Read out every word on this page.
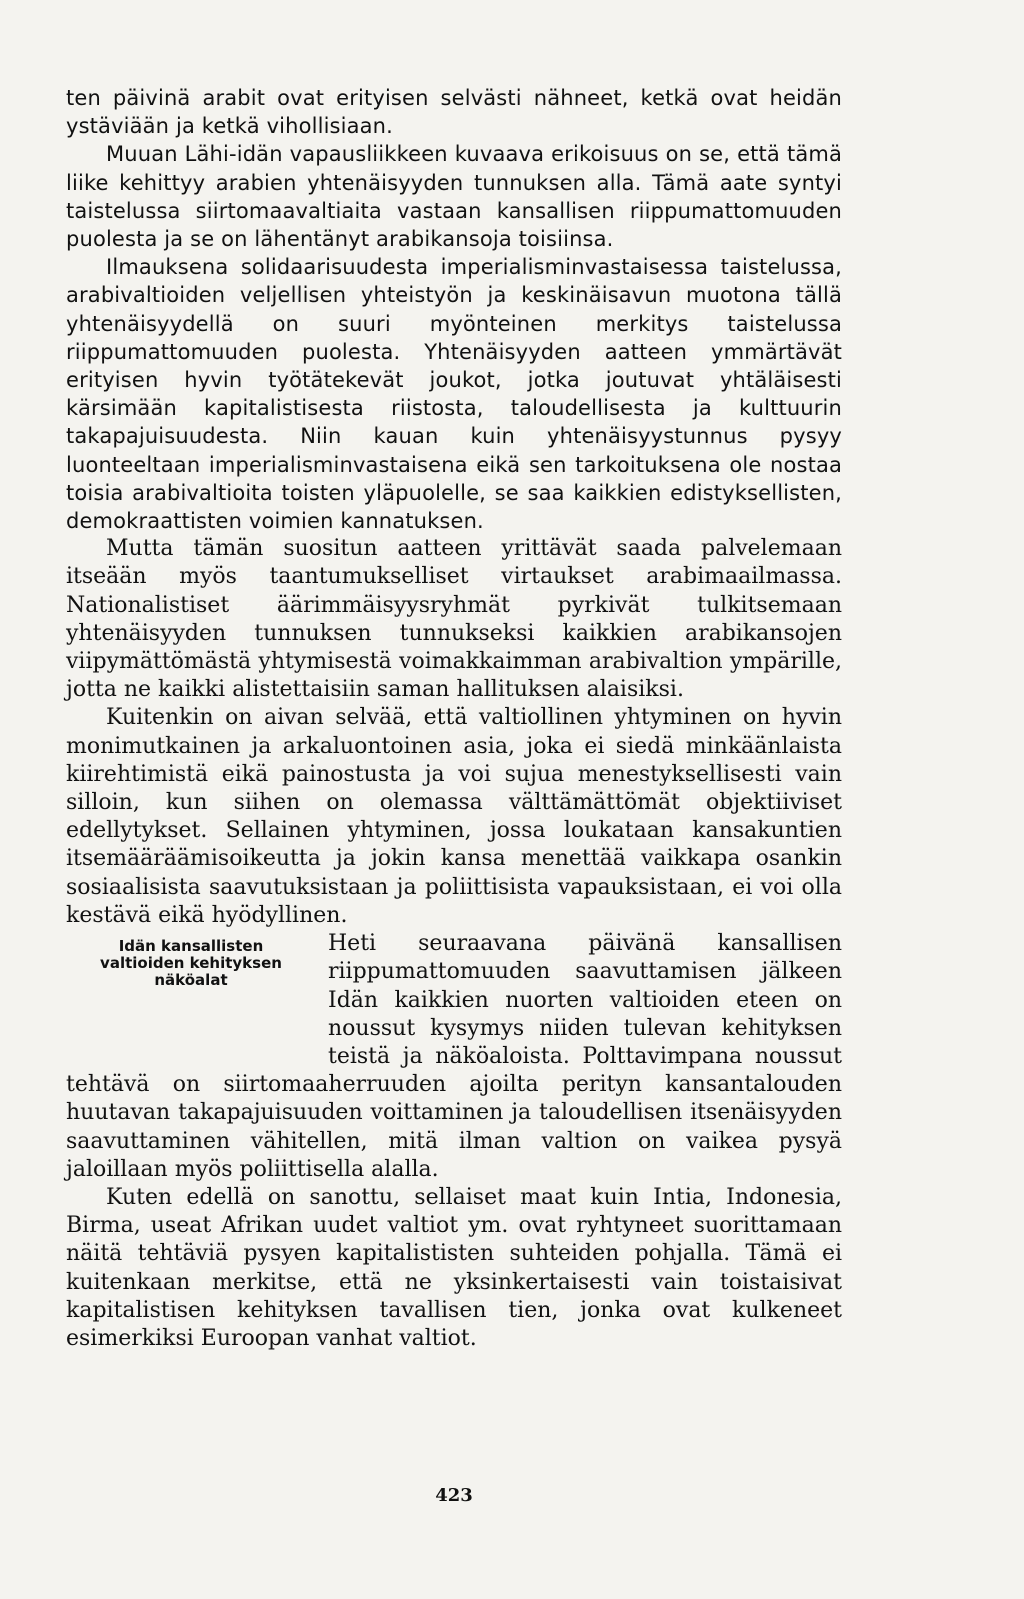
ten päivinä arabit ovat erityisen selvästi nähneet, ketkä ovat heidän ystäviään ja ketkä vihollisiaan.

Muuan Lähi-idän vapausliikkeen kuvaava erikoisuus on se, että tämä liike kehittyy arabien yhtenäisyyden tunnuksen alla. Tämä aate syntyi taistelussa siirtomaavaltiaita vastaan kansallisen riippumattomuuden puolesta ja se on lähentänyt arabikansoja toisiinsa.

Ilmauksena solidaarisuudesta imperialisminvastaisessa taistelussa, arabivaltioiden veljellisen yhteistyön ja keskinäisavun muotona tällä yhtenäisyydellä on suuri myönteinen merkitys taistelussa riippumattomuuden puolesta. Yhtenäisyyden aatteen ymmärtävät erityisen hyvin työtätekevät joukot, jotka joutuvat yhtäläisesti kärsimään kapitalistisesta riistosta, taloudellisesta ja kulttuurin takapajuisuudesta. Niin kauan kuin yhtenäisyystunnus pysyy luonteeltaan imperialisminvastaisena eikä sen tarkoituksena ole nostaa toisia arabivaltioita toisten yläpuolelle, se saa kaikkien edistyksellisten, demokraattisten voimien kannatuksen.

Mutta tämän suositun aatteen yrittävät saada palvelemaan itseään myös taantumukselliset virtaukset arabimaailmassa. Nationalistiset äärimmäisyysryhmät pyrkivät tulkitsemaan yhtenäisyyden tunnuksen tunnukseksi kaikkien arabikansojen viipymättömästä yhtymisestä voimakkaimman arabivaltion ympärille, jotta ne kaikki alistettaisiin saman hallituksen alaisiksi.

Kuitenkin on aivan selvää, että valtiollinen yhtyminen on hyvin monimutkainen ja arkaluontoinen asia, joka ei siedä minkäänlaista kiirehtimistä eikä painostusta ja voi sujua menestyksellisesti vain silloin, kun siihen on olemassa välttämättömät objektiiviset edellytykset. Sellainen yhtyminen, jossa loukataan kansakuntien itsemääräämisoikeutta ja jokin kansa menettää vaikkapa osankin sosiaalisista saavutuksistaan ja poliittisista vapauksistaan, ei voi olla kestävä eikä hyödyllinen.

Idän kansallisten
valtioiden kehityksen
näköalat

Heti seuraavana päivänä kansallisen riippumattomuuden saavuttamisen jälkeen Idän kaikkien nuorten valtioiden eteen on noussut kysymys niiden tulevan kehityksen teistä ja näköaloista. Polttavimpana noussut tehtävä on siirtomaaherruuden ajoilta perityn kansantalouden huutavan takapajuisuuden voittaminen ja taloudellisen itsenäisyyden saavuttaminen vähitellen, mitä ilman valtion on vaikea pysyä jaloillaan myös poliittisella alalla.

Kuten edellä on sanottu, sellaiset maat kuin Intia, Indonesia, Birma, useat Afrikan uudet valtiot ym. ovat ryhtyneet suorittamaan näitä tehtäviä pysyen kapitalististen suhteiden pohjalla. Tämä ei kuitenkaan merkitse, että ne yksinkertaisesti vain toistaisivat kapitalistisen kehityksen tavallisen tien, jonka ovat kulkeneet esimerkiksi Euroopan vanhat valtiot.

423
